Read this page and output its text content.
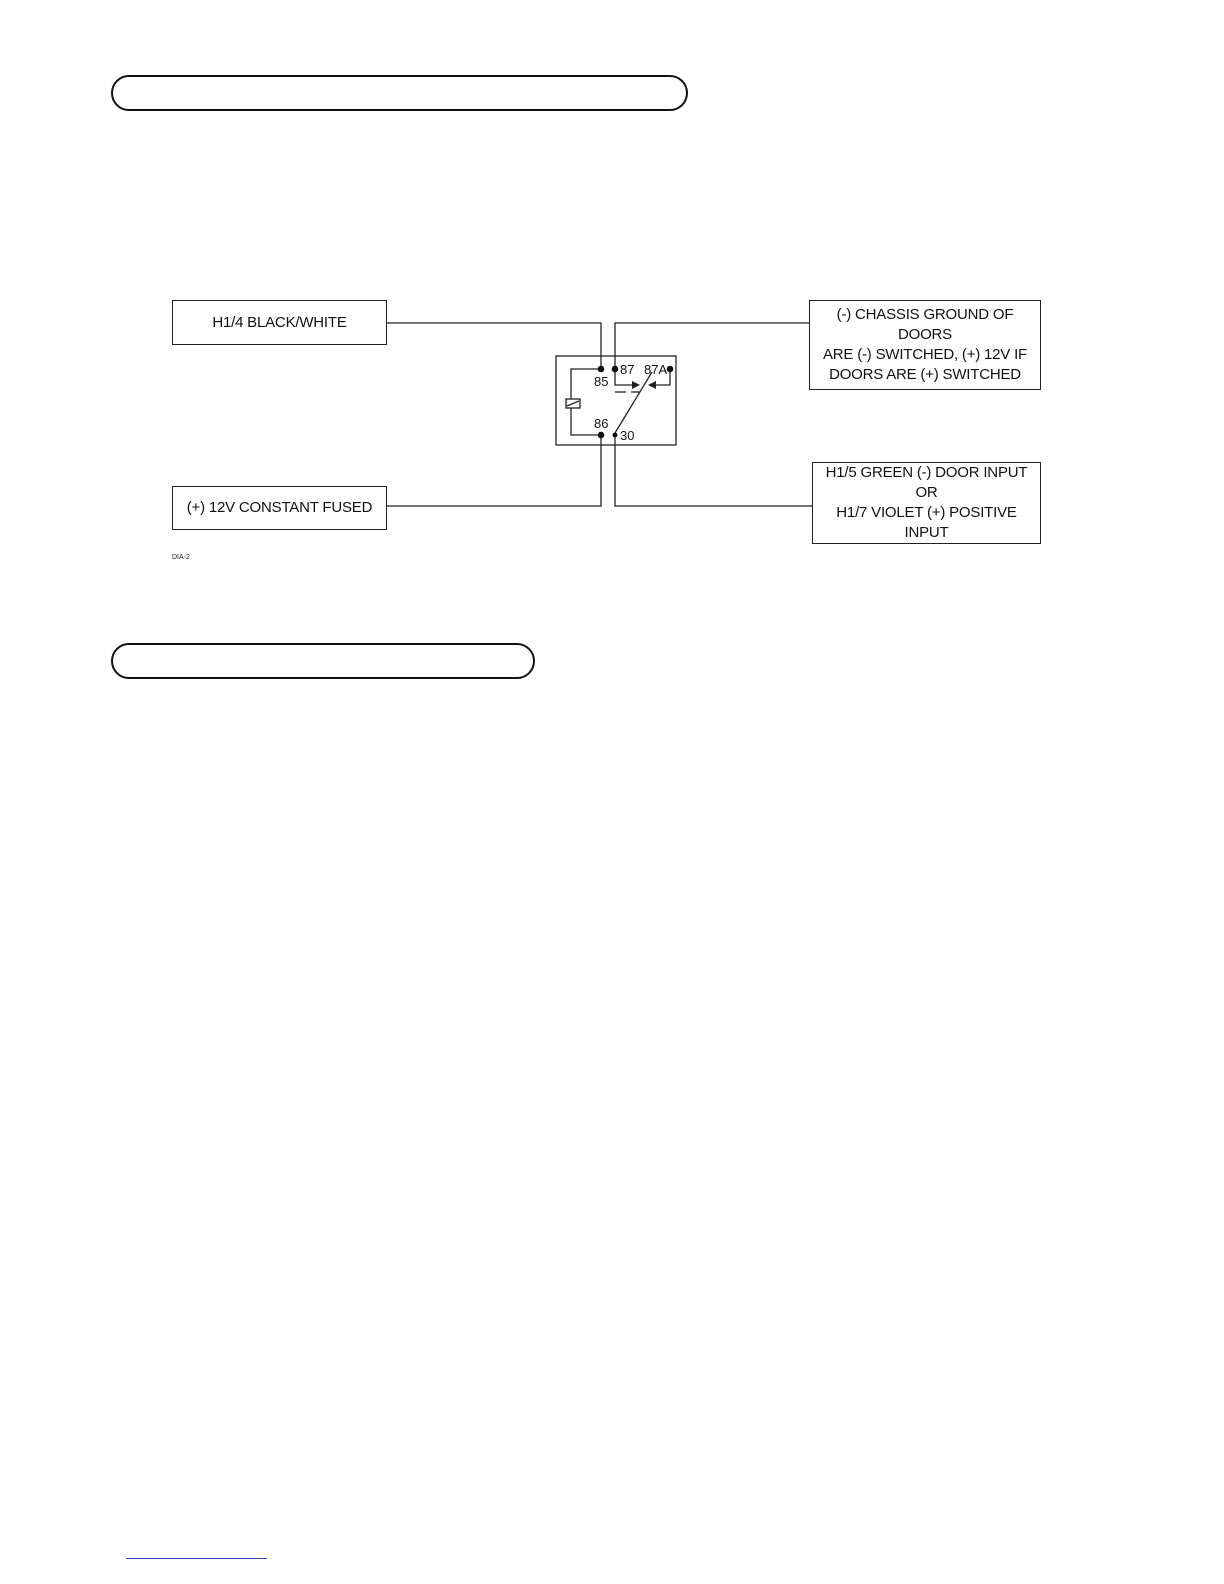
85
87 87A
86
30
H1/4 BLACK/WHITE
(+) 12V CONSTANT FUSED
(-) CHASSIS GROUND OF DOORS
ARE (-) SWITCHED, (+) 12V IF
DOORS ARE (+) SWITCHED
H1/5 GREEN (-) DOOR INPUT
OR
H1/7 VIOLET (+) POSITIVE INPUT
DIA-2
